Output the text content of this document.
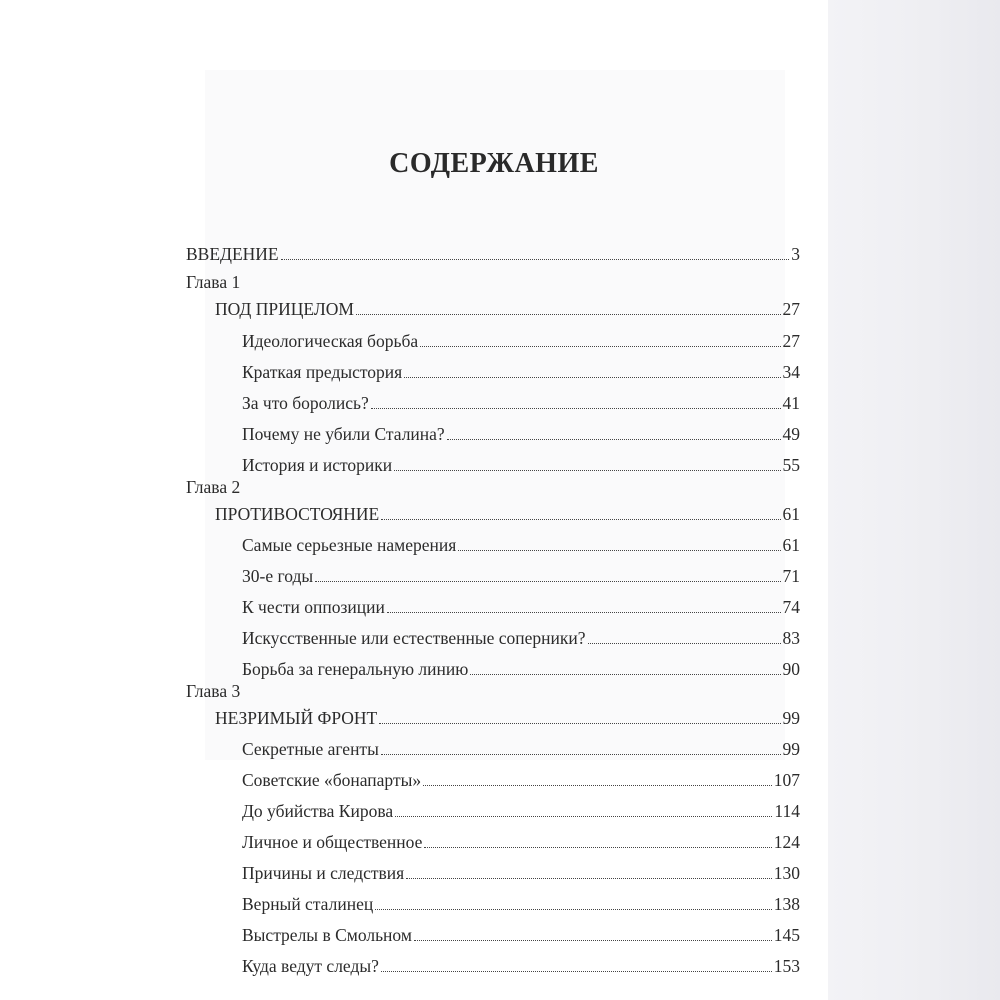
СОДЕРЖАНИЕ
ВВЕДЕНИЕ	3
Глава 1
ПОД ПРИЦЕЛОМ	27
Идеологическая борьба	27
Краткая предыстория	34
За что боролись?	41
Почему не убили Сталина?	49
История и историки	55
Глава 2
ПРОТИВОСТОЯНИЕ	61
Самые серьезные намерения	61
30-е годы	71
К чести оппозиции	74
Искусственные или естественные соперники?	83
Борьба за генеральную линию	90
Глава 3
НЕЗРИМЫЙ ФРОНТ	99
Секретные агенты	99
Советские «бонапарты»	107
До убийства Кирова	114
Личное и общественное	124
Причины и следствия	130
Верный сталинец	138
Выстрелы в Смольном	145
Куда ведут следы?	153
